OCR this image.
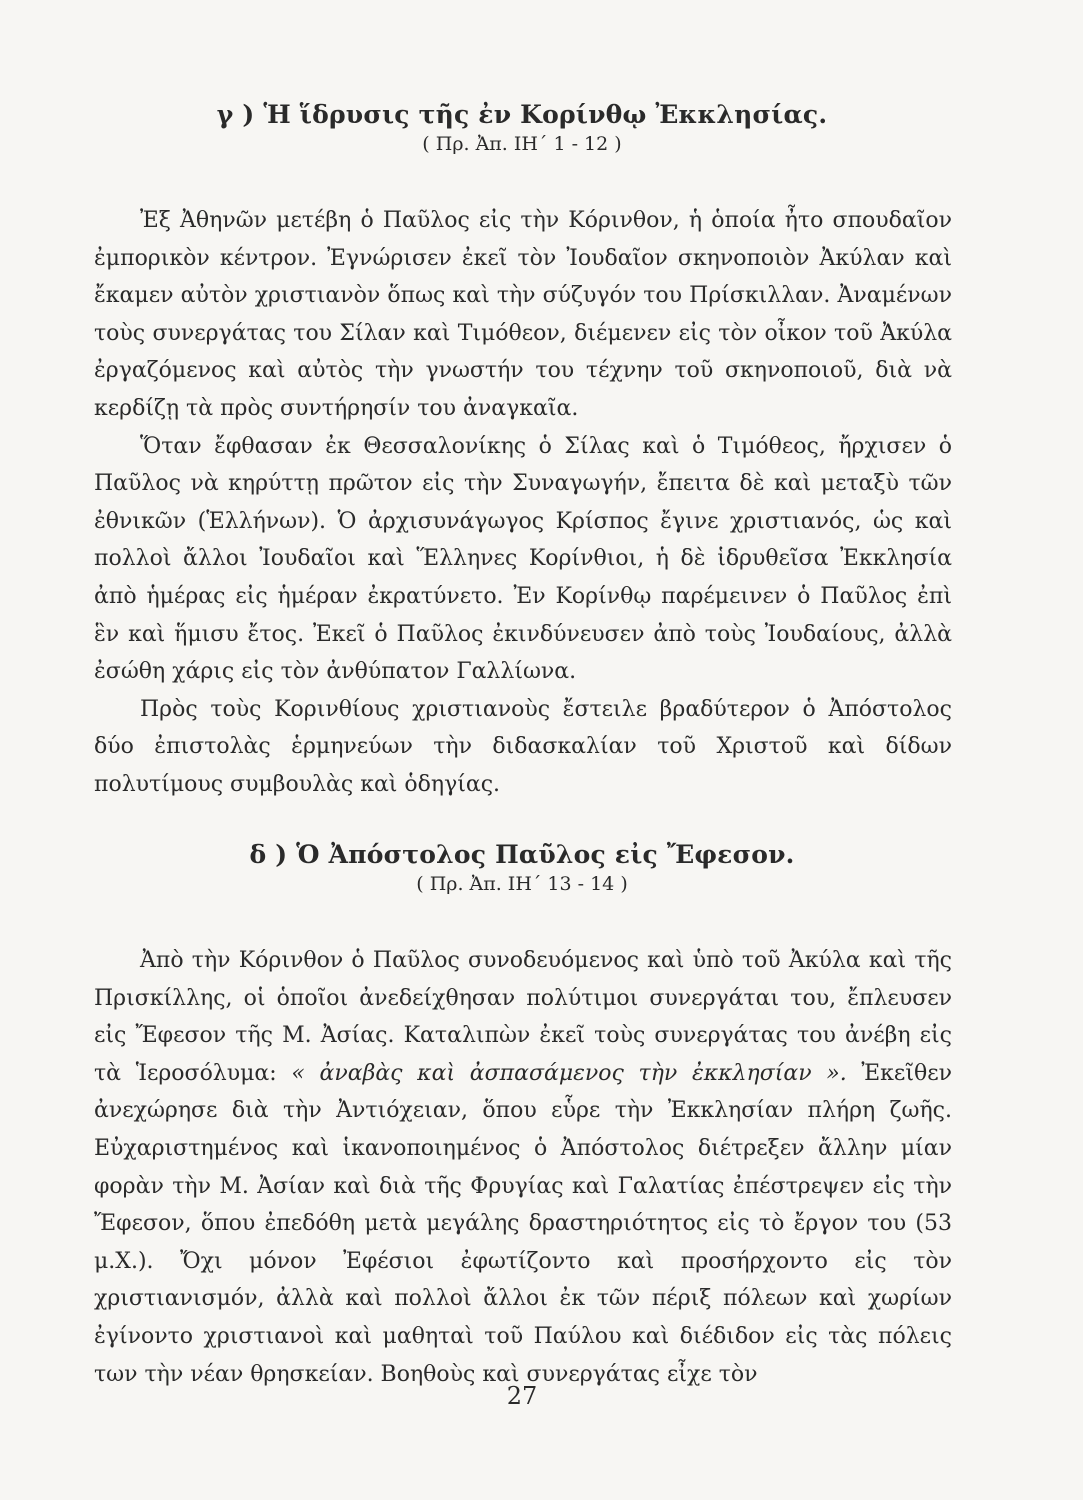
γ ) Ἡ ἵδρυσις τῆς ἐν Κορίνθῳ Ἐκκλησίας.
( Πρ. Ἀπ. ΙΗ΄ 1 - 12 )

Ἐξ Ἀθηνῶν μετέβη ὁ Παῦλος εἰς τὴν Κόρινθον, ἡ ὁποία ἦτο σπουδαῖον ἐμπορικὸν κέντρον. Ἐγνώρισεν ἐκεῖ τὸν Ἰουδαῖον σκηνοποιὸν Ἀκύλαν καὶ ἔκαμεν αὐτὸν χριστιανὸν ὅπως καὶ τὴν σύζυγόν του Πρίσκιλλαν. Ἀναμένων τοὺς συνεργάτας του Σίλαν καὶ Τιμόθεον, διέμενεν εἰς τὸν οἶκον τοῦ Ἀκύλα ἐργαζόμενος καὶ αὐτὸς τὴν γνωστήν του τέχνην τοῦ σκηνοποιοῦ, διὰ νὰ κερδίζῃ τὰ πρὸς συντήρησίν του ἀναγκαῖα.

Ὅταν ἔφθασαν ἐκ Θεσσαλονίκης ὁ Σίλας καὶ ὁ Τιμόθεος, ἤρχισεν ὁ Παῦλος νὰ κηρύττῃ πρῶτον εἰς τὴν Συναγωγήν, ἔπειτα δὲ καὶ μεταξὺ τῶν ἐθνικῶν (Ἑλλήνων). Ὁ ἀρχισυνάγωγος Κρίσπος ἔγινε χριστιανός, ὡς καὶ πολλοὶ ἄλλοι Ἰουδαῖοι καὶ Ἕλληνες Κορίνθιοι, ἡ δὲ ἱδρυθεῖσα Ἐκκλησία ἀπὸ ἡμέρας εἰς ἡμέραν ἐκρατύνετο. Ἐν Κορίνθῳ παρέμεινεν ὁ Παῦλος ἐπὶ ἓν καὶ ἥμισυ ἔτος. Ἐκεῖ ὁ Παῦλος ἐκινδύνευσεν ἀπὸ τοὺς Ἰουδαίους, ἀλλὰ ἐσώθη χάρις εἰς τὸν ἀνθύπατον Γαλλίωνα.

Πρὸς τοὺς Κορινθίους χριστιανοὺς ἔστειλε βραδύτερον ὁ Ἀπόστολος δύο ἐπιστολὰς ἑρμηνεύων τὴν διδασκαλίαν τοῦ Χριστοῦ καὶ δίδων πολυτίμους συμβουλὰς καὶ ὁδηγίας.

δ ) Ὁ Ἀπόστολος Παῦλος εἰς Ἔφεσον.
( Πρ. Ἀπ. ΙΗ΄ 13 - 14 )

Ἀπὸ τὴν Κόρινθον ὁ Παῦλος συνοδευόμενος καὶ ὑπὸ τοῦ Ἀκύλα καὶ τῆς Πρισκίλλης, οἱ ὁποῖοι ἀνεδείχθησαν πολύτιμοι συνεργάται του, ἔπλευσεν εἰς Ἔφεσον τῆς Μ. Ἀσίας. Καταλιπὼν ἐκεῖ τοὺς συνεργάτας του ἀνέβη εἰς τὰ Ἱεροσόλυμα: « ἀναβὰς καὶ ἀσπασάμενος τὴν ἐκκλησίαν ». Ἐκεῖθεν ἀνεχώρησε διὰ τὴν Ἀντιόχειαν, ὅπου εὗρε τὴν Ἐκκλησίαν πλήρη ζωῆς. Εὐχαριστημένος καὶ ἱκανοποιημένος ὁ Ἀπόστολος διέτρεξεν ἄλλην μίαν φορὰν τὴν Μ. Ἀσίαν καὶ διὰ τῆς Φρυγίας καὶ Γαλατίας ἐπέστρεψεν εἰς τὴν Ἔφεσον, ὅπου ἐπεδόθη μετὰ μεγάλης δραστηριότητος εἰς τὸ ἔργον του (53 μ.Χ.). Ὄχι μόνον Ἐφέσιοι ἐφωτίζοντο καὶ προσήρχοντο εἰς τὸν χριστιανισμόν, ἀλλὰ καὶ πολλοὶ ἄλλοι ἐκ τῶν πέριξ πόλεων καὶ χωρίων ἐγίνοντο χριστιανοὶ καὶ μαθηταὶ τοῦ Παύλου καὶ διέδιδον εἰς τὰς πόλεις των τὴν νέαν θρησκείαν. Βοηθοὺς καὶ συνεργάτας εἶχε τὸν

27
